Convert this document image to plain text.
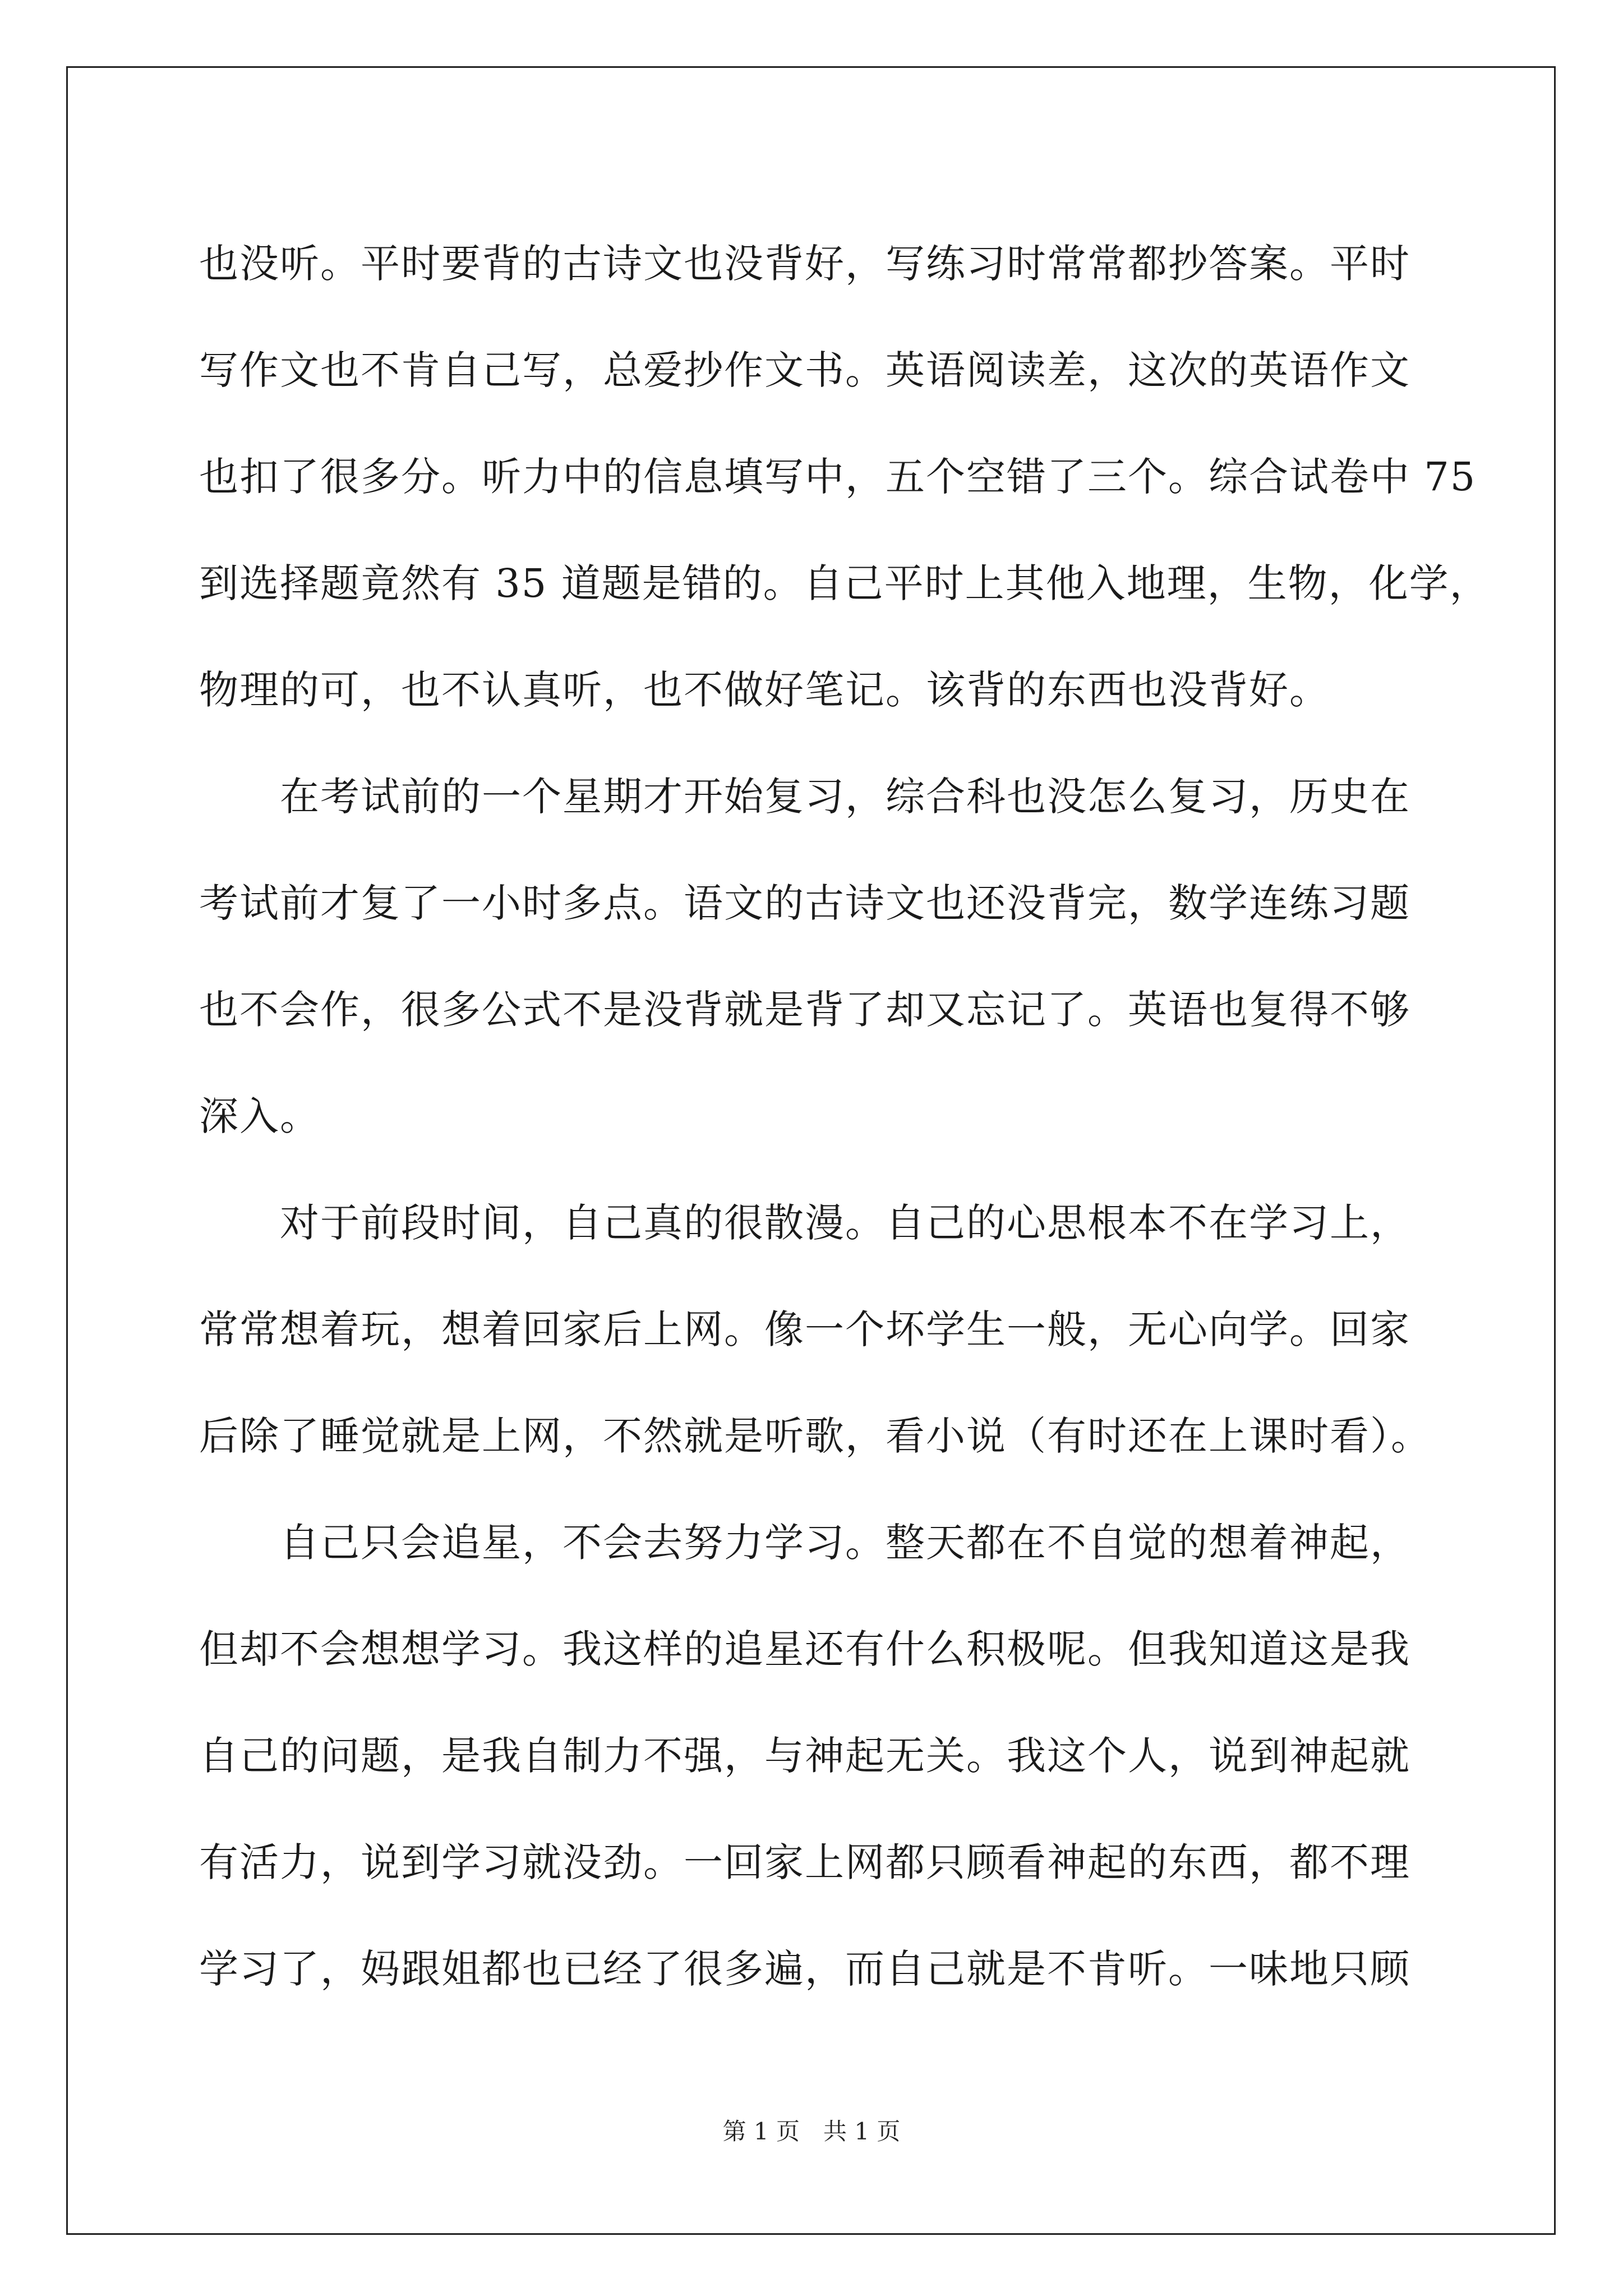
也没听。平时要背的古诗文也没背好，写练习时常常都抄答案。平时
写作文也不肯自己写，总爱抄作文书。英语阅读差，这次的英语作文
也扣了很多分。听力中的信息填写中，五个空错了三个。综合试卷中 75
到选择题竟然有 35 道题是错的。自己平时上其他入地理，生物，化学，
物理的可，也不认真听，也不做好笔记。该背的东西也没背好。
　　在考试前的一个星期才开始复习，综合科也没怎么复习，历史在
考试前才复了一小时多点。语文的古诗文也还没背完，数学连练习题
也不会作，很多公式不是没背就是背了却又忘记了。英语也复得不够
深入。
　　对于前段时间，自己真的很散漫。自己的心思根本不在学习上，
常常想着玩，想着回家后上网。像一个坏学生一般，无心向学。回家
后除了睡觉就是上网，不然就是听歌，看小说（有时还在上课时看）。
　　自己只会追星，不会去努力学习。整天都在不自觉的想着神起，
但却不会想想学习。我这样的追星还有什么积极呢。但我知道这是我
自己的问题，是我自制力不强，与神起无关。我这个人，说到神起就
有活力，说到学习就没劲。一回家上网都只顾看神起的东西，都不理
学习了，妈跟姐都也已经了很多遍，而自己就是不肯听。一味地只顾
第 1 页　共 1 页
